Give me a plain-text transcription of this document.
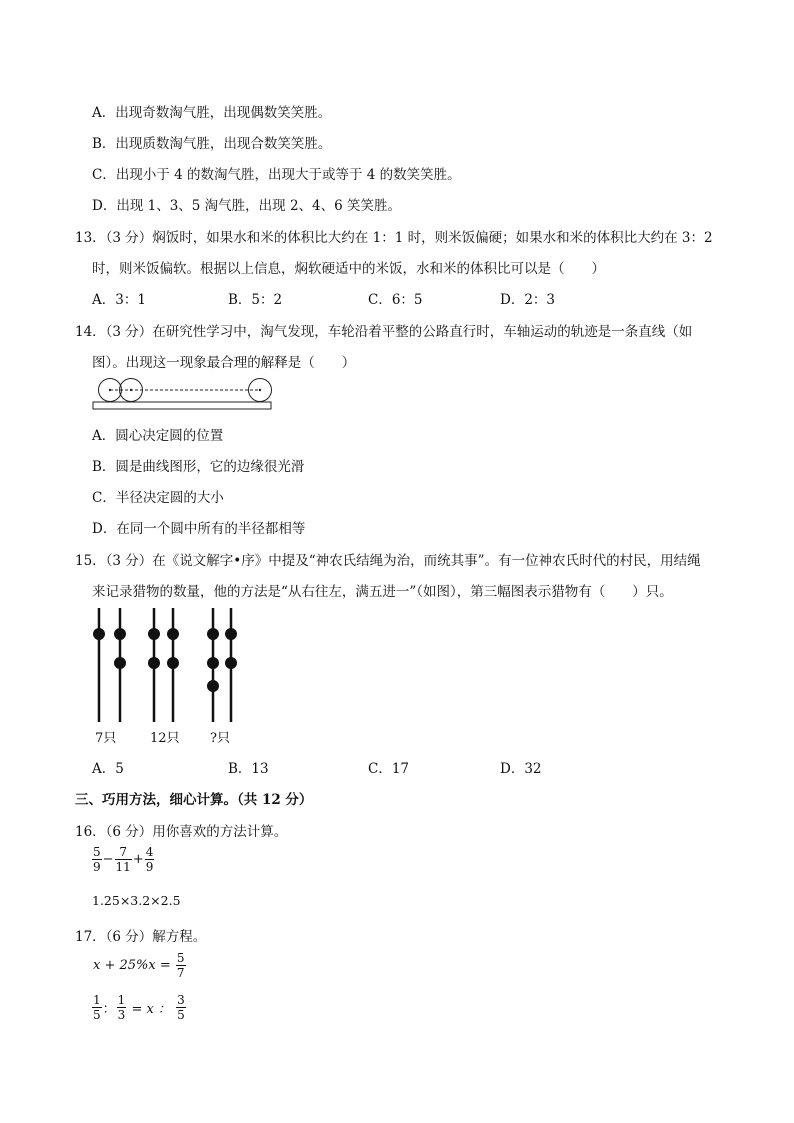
A．出现奇数淘气胜，出现偶数笑笑胜。
B．出现质数淘气胜，出现合数笑笑胜。
C．出现小于 4 的数淘气胜，出现大于或等于 4 的数笑笑胜。
D．出现 1、3、5 淘气胜，出现 2、4、6 笑笑胜。
13．（3 分）焖饭时，如果水和米的体积比大约在 1：1 时，则米饭偏硬；如果水和米的体积比大约在 3：2
时，则米饭偏软。根据以上信息，焖软硬适中的米饭，水和米的体积比可以是（　　）
A．3：1	B．5：2	C．6：5	D．2：3
14．（3 分）在研究性学习中，淘气发现，车轮沿着平整的公路直行时，车轴运动的轨迹是一条直线（如
图）。出现这一现象最合理的解释是（　　）
A．圆心决定圆的位置
B．圆是曲线图形，它的边缘很光滑
C．半径决定圆的大小
D．在同一个圆中所有的半径都相等
15．（3 分）在《说文解字•序》中提及“神农氏结绳为治，而统其事”。有一位神农氏时代的村民，用结绳
来记录猎物的数量，他的方法是“从右往左，满五进一”（如图），第三幅图表示猎物有（　　）只。
7只	12只 ?只
A．5	B．13	C．17	D．32
三、巧用方法，细心计算。（共 12 分）
16．（6 分）用你喜欢的方法计算。
$\frac{5}{9} - \frac{7}{11} + \frac{4}{9}$
1.25×3.2×2.5
17．（6 分）解方程。
$x + 25\%x = \frac{5}{7}$
$\frac{1}{5}$ ： $\frac{1}{3} = x$ ： $\frac{3}{5}$
